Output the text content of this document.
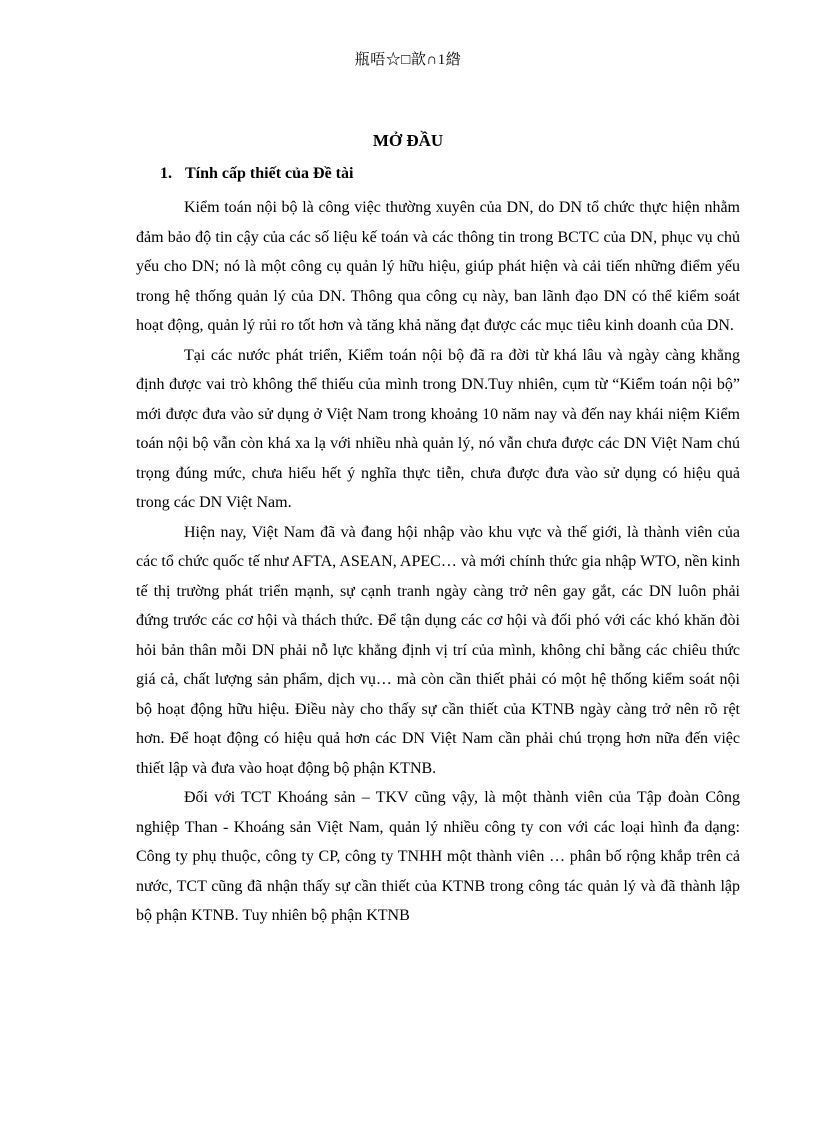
瓶唔☆□歆∩1綹
MỞ ĐẦU
1. Tính cấp thiết của Đề tài

Kiểm toán nội bộ là công việc thường xuyên của DN, do DN tổ chức thực hiện nhằm đảm bảo độ tin cậy của các số liệu kế toán và các thông tin trong BCTC của DN, phục vụ chủ yếu cho DN; nó là một công cụ quản lý hữu hiệu, giúp phát hiện và cải tiến những điểm yếu trong hệ thống quản lý của DN. Thông qua công cụ này, ban lãnh đạo DN có thể kiểm soát hoạt động, quản lý rủi ro tốt hơn và tăng khả năng đạt được các mục tiêu kinh doanh của DN.

Tại các nước phát triển, Kiểm toán nội bộ đã ra đời từ khá lâu và ngày càng khẳng định được vai trò không thể thiếu của mình trong DN.Tuy nhiên, cụm từ “Kiểm toán nội bộ” mới được đưa vào sử dụng ở Việt Nam trong khoảng 10 năm nay và đến nay khái niệm Kiểm toán nội bộ vẫn còn khá xa lạ với nhiều nhà quản lý, nó vẫn chưa được các DN Việt Nam chú trọng đúng mức, chưa hiểu hết ý nghĩa thực tiễn, chưa được đưa vào sử dụng có hiệu quả trong các DN Việt Nam.

Hiện nay, Việt Nam đã và đang hội nhập vào khu vực và thế giới, là thành viên của các tổ chức quốc tế như AFTA, ASEAN, APEC… và mới chính thức gia nhập WTO, nền kinh tế thị trường phát triển mạnh, sự cạnh tranh ngày càng trở nên gay gắt, các DN luôn phải đứng trước các cơ hội và thách thức. Để tận dụng các cơ hội và đối phó với các khó khăn đòi hỏi bản thân mỗi DN phải nỗ lực khẳng định vị trí của mình, không chỉ bằng các chiêu thức giá cả, chất lượng sản phẩm, dịch vụ… mà còn cần thiết phải có một hệ thống kiểm soát nội bộ hoạt động hữu hiệu. Điều này cho thấy sự cần thiết của KTNB ngày càng trở nên rõ rệt hơn. Để hoạt động có hiệu quả hơn các DN Việt Nam cần phải chú trọng hơn nữa đến việc thiết lập và đưa vào hoạt động bộ phận KTNB.

Đối với TCT Khoáng sản – TKV cũng vậy, là một thành viên của Tập đoàn Công nghiệp Than - Khoáng sản Việt Nam, quản lý nhiều công ty con với các loại hình đa dạng: Công ty phụ thuộc, công ty CP, công ty TNHH một thành viên … phân bố rộng khắp trên cả nước, TCT cũng đã nhận thấy sự cần thiết của KTNB trong công tác quản lý và đã thành lập bộ phận KTNB. Tuy nhiên bộ phận KTNB
